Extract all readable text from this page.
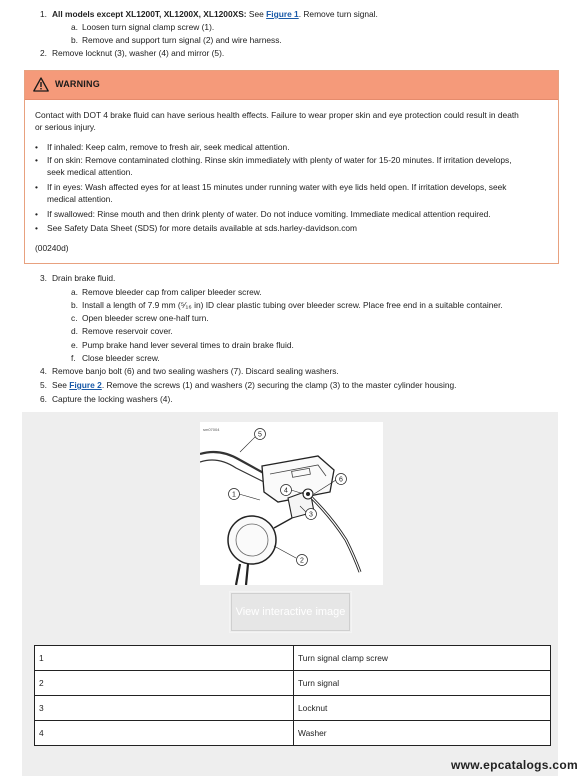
1. All models except XL1200T, XL1200X, XL1200XS: See Figure 1. Remove turn signal.
a. Loosen turn signal clamp screw (1).
b. Remove and support turn signal (2) and wire harness.
2. Remove locknut (3), washer (4) and mirror (5).
WARNING
Contact with DOT 4 brake fluid can have serious health effects. Failure to wear proper skin and eye protection could result in death
or serious injury.
• If inhaled: Keep calm, remove to fresh air, seek medical attention.
• If on skin: Remove contaminated clothing. Rinse skin immediately with plenty of water for 15-20 minutes. If irritation develops,
seek medical attention.
• If in eyes: Wash affected eyes for at least 15 minutes under running water with eye lids held open. If irritation develops, seek
medical attention.
• If swallowed: Rinse mouth and then drink plenty of water. Do not induce vomiting. Immediate medical attention required.
• See Safety Data Sheet (SDS) for more details available at sds.harley-davidson.com
(00240d)
3. Drain brake fluid.
a. Remove bleeder cap from caliper bleeder screw.
b. Install a length of 7.9 mm (⁵⁄₁₆ in) ID clear plastic tubing over bleeder screw. Place free end in a suitable container.
c. Open bleeder screw one-half turn.
d. Remove reservoir cover.
e. Pump brake hand lever several times to drain brake fluid.
f. Close bleeder screw.
4. Remove banjo bolt (6) and two sealing washers (7). Discard sealing washers.
5. See Figure 2. Remove the screws (1) and washers (2) securing the clamp (3) to the master cylinder housing.
6. Capture the locking washers (4).
sm07004
5
1
4
6
3
2
View interactive image
1	Turn signal clamp screw
2	Turn signal
3	Locknut
4	Washer
www.epcatalogs.com
